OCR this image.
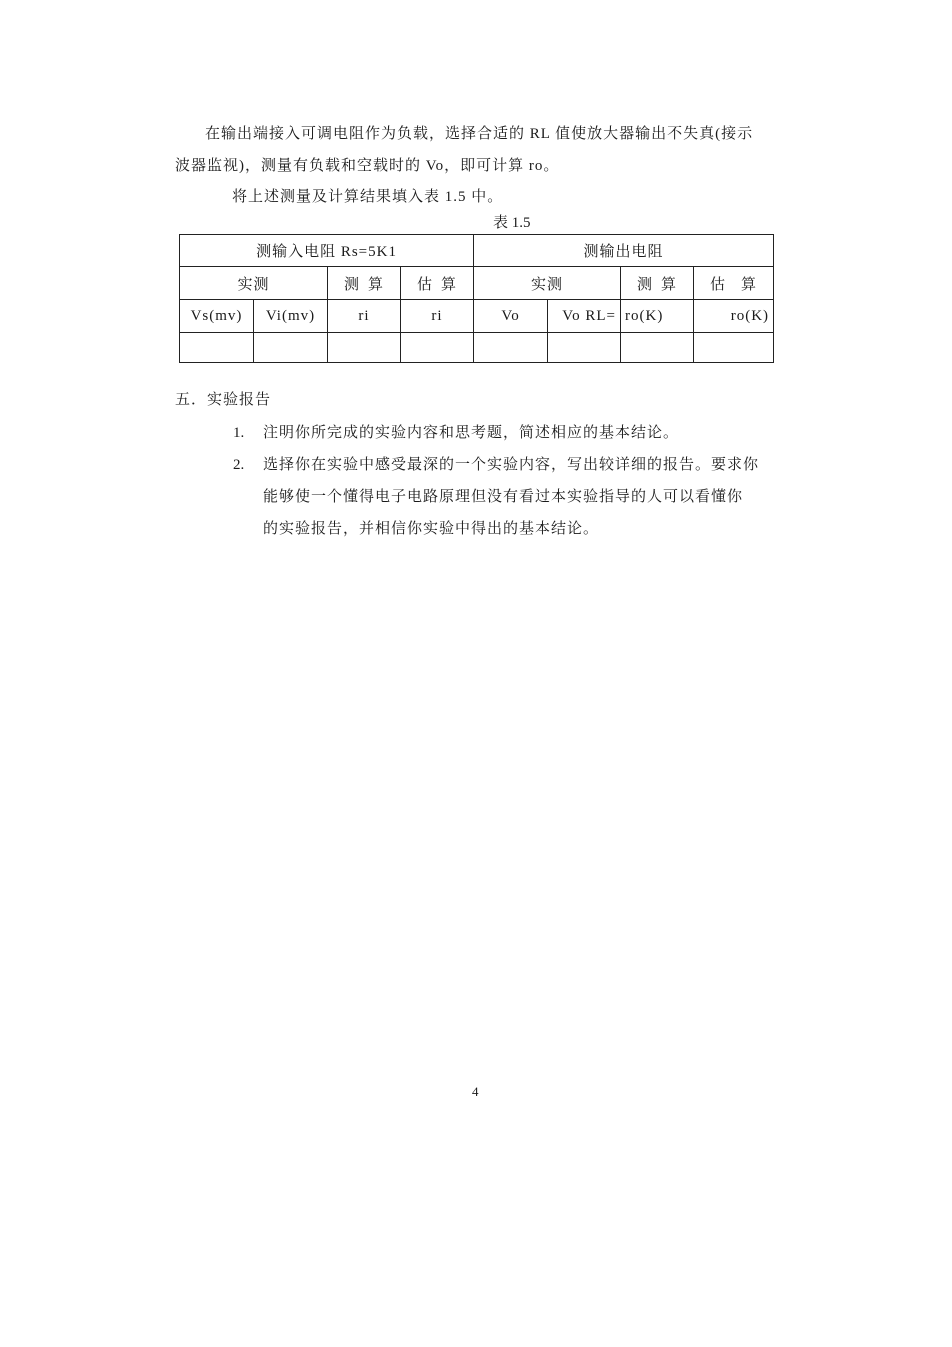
在输出端接入可调电阻作为负载，选择合适的 RL 值使放大器输出不失真(接示
波器监视)，测量有负载和空载时的 Vo，即可计算 ro。
将上述测量及计算结果填入表 1.5 中。
表 1.5
测输入电阻 Rs=5K1				测输出电阻			
实测		测 算	估 算	实测		测 算	估 算

Vs(mv)	Vi(mv)	ri	ri	Vo	Vo RL=	ro(K)	ro(K)

五．实验报告
1. 注明你所完成的实验内容和思考题，简述相应的基本结论。
2. 选择你在实验中感受最深的一个实验内容，写出较详细的报告。要求你
能够使一个懂得电子电路原理但没有看过本实验指导的人可以看懂你
的实验报告，并相信你实验中得出的基本结论。
4
